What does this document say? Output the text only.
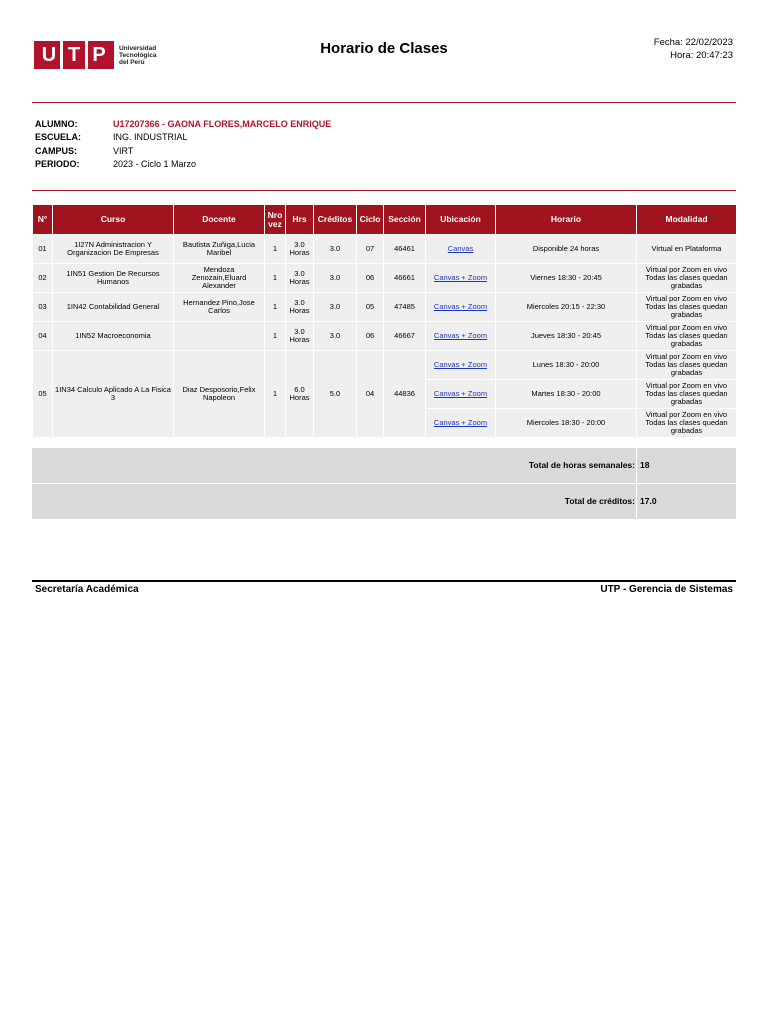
U T P	Universidad
Tecnológica
del Perú
Horario de Clases	Fecha: 22/02/2023
Hora: 20:47:23
ALUMNO:	U17207366 - GAONA FLORES,MARCELO ENRIQUE
ESCUELA:	ING. INDUSTRIAL
CAMPUS:	VIRT
PERIODO:	2023 - Ciclo 1 Marzo
N°	Curso	Docente	Nro vez	Hrs	Créditos	Ciclo	Sección	Ubicación	Horario	Modalidad
01	1I27N Administracion Y Organizacion De Empresas	Bautista Zuñiga,Lucia Maribel	1	3.0 Horas	3.0	07	46461	Canvas	Disponible 24 horas	Virtual en Plataforma
02	1IN51 Gestion De Recursos Humanos	Mendoza Zenozain,Eluard Alexander	1	3.0 Horas	3.0	06	46661	Canvas + Zoom	Viernes 18:30 - 20:45	Virtual por Zoom en vivo Todas las clases quedan grabadas
03	1IN42 Contabilidad General	Hernandez Pino,Jose Carlos	1	3.0 Horas	3.0	05	47485	Canvas + Zoom	Miercoles 20:15 - 22:30	Virtual por Zoom en vivo Todas las clases quedan grabadas
04	1IN52 Macroeconomia		1	3.0 Horas	3.0	06	46667	Canvas + Zoom	Jueves 18:30 - 20:45	Virtual por Zoom en vivo Todas las clases quedan grabadas
05	1IN34 Calculo Aplicado A La Fisica 3	Diaz Desposorio,Felix Napoleon	1	6.0 Horas	5.0	04	44836	Canvas + Zoom	Lunes 18:30 - 20:00	Virtual por Zoom en vivo Todas las clases quedan grabadas
								Canvas + Zoom	Martes 18:30 - 20:00	Virtual por Zoom en vivo Todas las clases quedan grabadas
								Canvas + Zoom	Miercoles 18:30 - 20:00	Virtual por Zoom en vivo Todas las clases quedan grabadas
Total de horas semanales: 18
Total de créditos: 17.0
Secretaría Académica	UTP - Gerencia de Sistemas
